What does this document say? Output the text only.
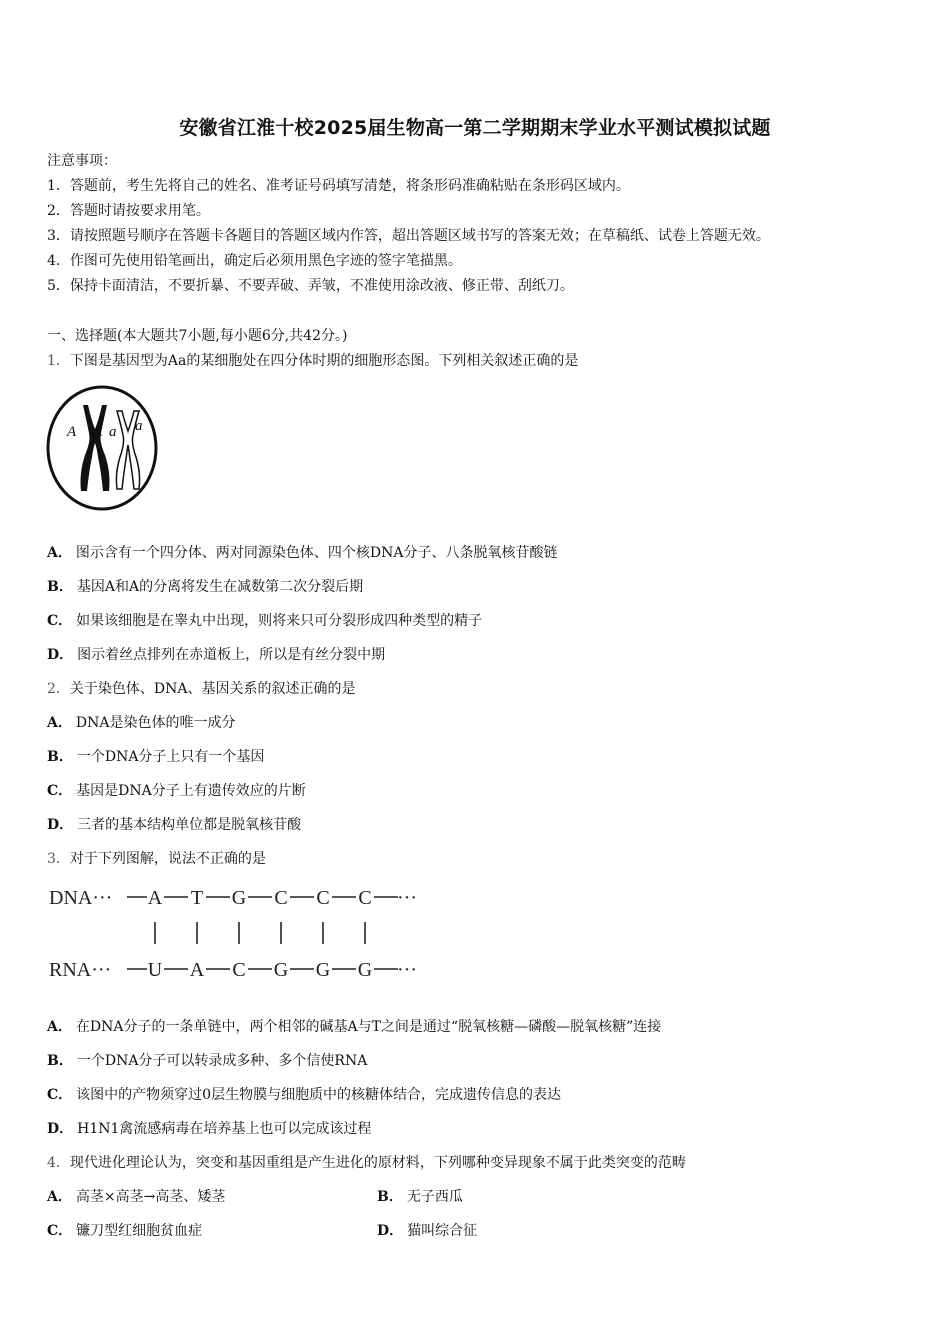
安徽省江淮十校2025届生物高一第二学期期末学业水平测试模拟试题
注意事项：
1．答题前，考生先将自己的姓名、准考证号码填写清楚，将条形码准确粘贴在条形码区域内。
2．答题时请按要求用笔。
3．请按照题号顺序在答题卡各题目的答题区域内作答，超出答题区域书写的答案无效；在草稿纸、试卷上答题无效。
4．作图可先使用铅笔画出，确定后必须用黑色字迹的签字笔描黑。
5．保持卡面清洁，不要折暴、不要弄破、弄皱，不准使用涂改液、修正带、刮纸刀。
一、选择题(本大题共7小题,每小题6分,共42分。)
1．下图是基因型为Aa的某细胞处在四分体时期的细胞形态图。下列相关叙述正确的是
A A a a
A． 图示含有一个四分体、两对同源染色体、四个核DNA分子、八条脱氧核苷酸链
B． 基因A和A的分离将发生在减数第二次分裂后期
C． 如果该细胞是在睾丸中出现，则将来只可分裂形成四种类型的精子
D． 图示着丝点排列在赤道板上，所以是有丝分裂中期
2．关于染色体、DNA、基因关系的叙述正确的是
A． DNA是染色体的唯一成分
B． 一个DNA分子上只有一个基因
C． 基因是DNA分子上有遗传效应的片断
D． 三者的基本结构单位都是脱氧核苷酸
3．对于下列图解，说法不正确的是
DNA···
RNA···
A T G C C C ···
U A C G G G ···
A． 在DNA分子的一条单链中，两个相邻的碱基A与T之间是通过“脱氧核糖—磷酸—脱氧核糖”连接
B． 一个DNA分子可以转录成多种、多个信使RNA
C． 该图中的产物须穿过0层生物膜与细胞质中的核糖体结合，完成遗传信息的表达
D． H1N1禽流感病毒在培养基上也可以完成该过程
4．现代进化理论认为，突变和基因重组是产生进化的原材料，下列哪种变异现象不属于此类突变的范畴
A． 高茎×高茎→高茎、矮茎	B． 无子西瓜
C． 镰刀型红细胞贫血症	D． 猫叫综合征
